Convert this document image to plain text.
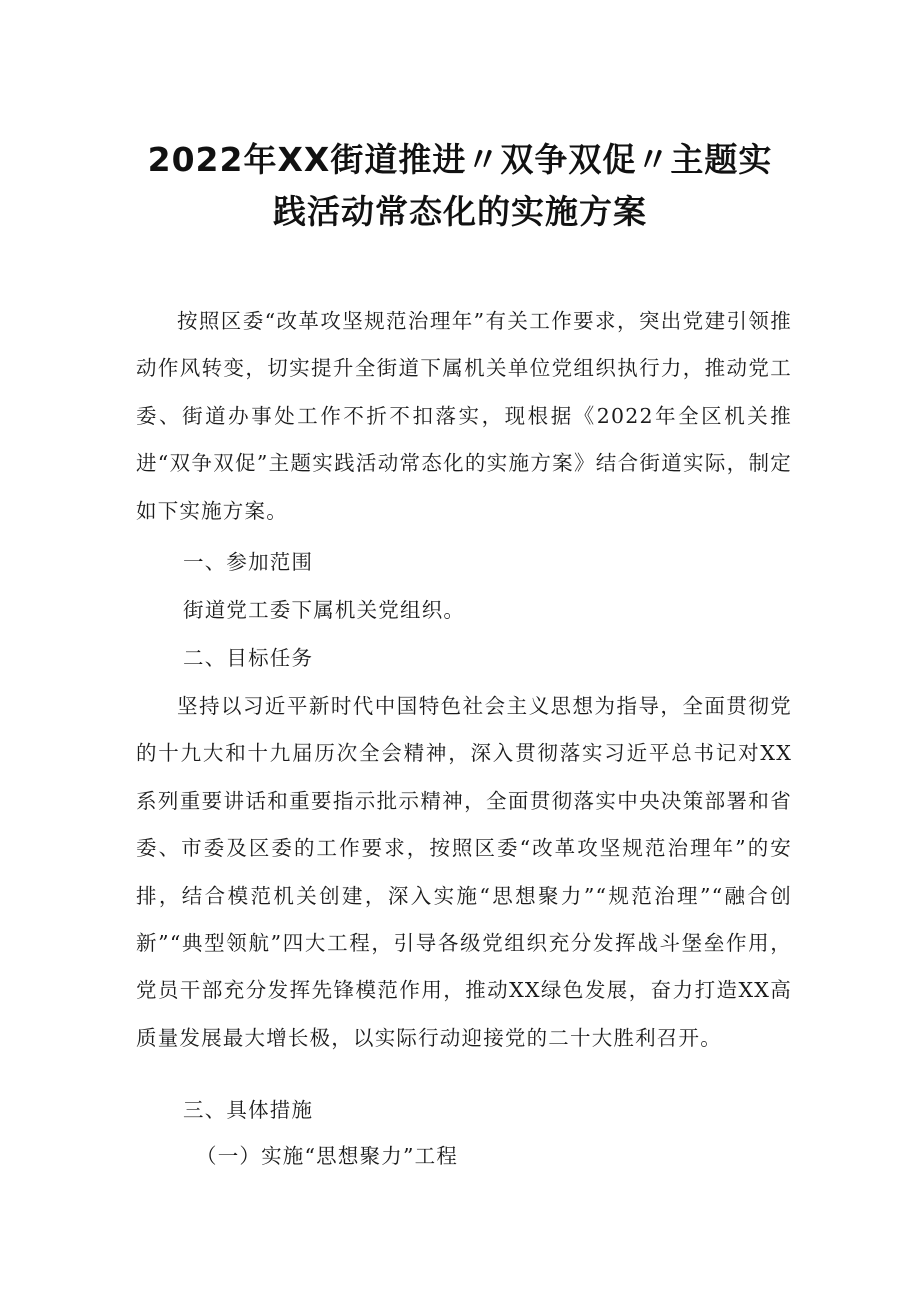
2022年XX街道推进〃双争双促〃主题实
践活动常态化的实施方案

按照区委“改革攻坚规范治理年”有关工作要求，突出党建引领推动作风转变，切实提升全街道下属机关单位党组织执行力，推动党工委、街道办事处工作不折不扣落实，现根据《2022年全区机关推进“双争双促”主题实践活动常态化的实施方案》结合街道实际，制定如下实施方案。

一、参加范围

街道党工委下属机关党组织。

二、目标任务

坚持以习近平新时代中国特色社会主义思想为指导，全面贯彻党的十九大和十九届历次全会精神，深入贯彻落实习近平总书记对XX系列重要讲话和重要指示批示精神，全面贯彻落实中央决策部署和省委、市委及区委的工作要求，按照区委“改革攻坚规范治理年”的安排，结合模范机关创建，深入实施“思想聚力”“规范治理”“融合创新”“典型领航”四大工程，引导各级党组织充分发挥战斗堡垒作用，党员干部充分发挥先锋模范作用，推动XX绿色发展，奋力打造XX高质量发展最大增长极，以实际行动迎接党的二十大胜利召开。

三、具体措施

（一）实施“思想聚力”工程
